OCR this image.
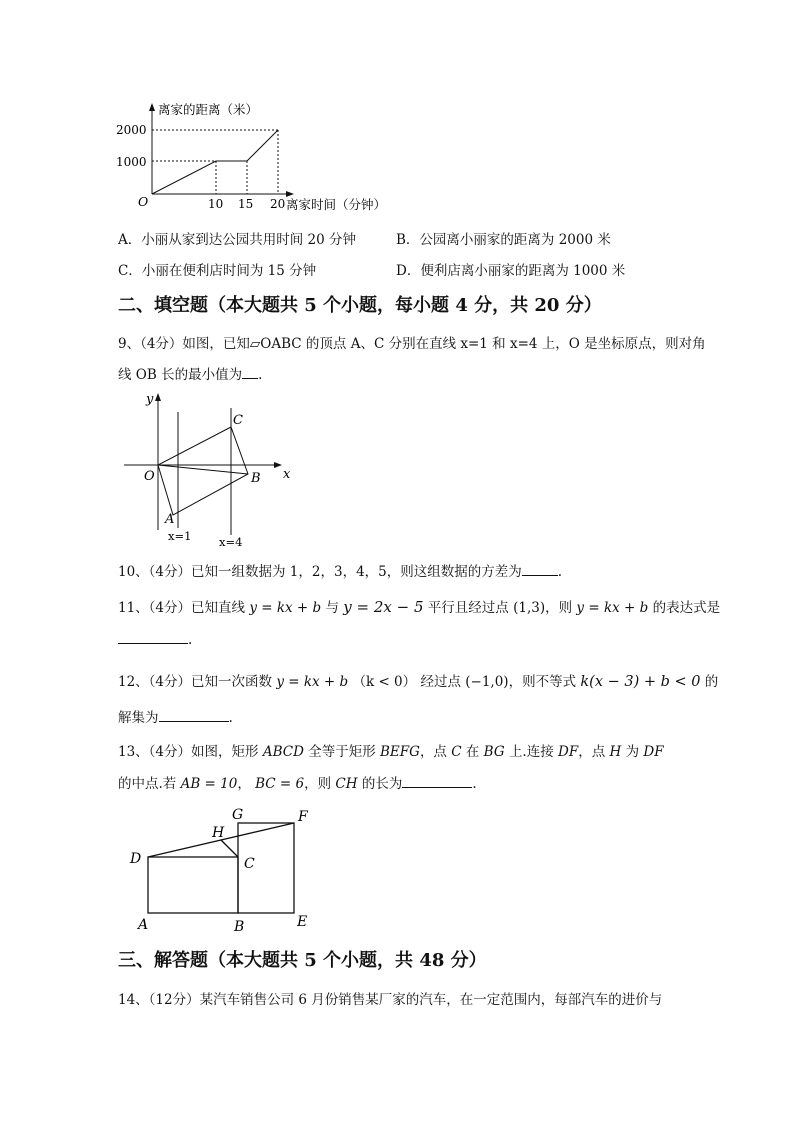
离家的距离（米）
离家时间（分钟）
O
2000
1000
10 15 20
A．小丽从家到达公园共用时间 20 分钟	B．公园离小丽家的距离为 2000 米
C．小丽在便利店时间为 15 分钟	D．便利店离小丽家的距离为 1000 米
二、填空题（本大题共 5 个小题，每小题 4 分，共 20 分）
9、（4分）如图，已知▱OABC 的顶点 A、C 分别在直线 x=1 和 x=4 上，O 是坐标原点，则对角
线 OB 长的最小值为 .
y
x
O
A
B
C
x=1 x=4
10、（4分）已知一组数据为 1，2，3，4，5，则这组数据的方差为	.
11、（4分）已知直线 y = kx + b 与 y = 2x − 5 平行且经过点 (1,3)，则 y = kx + b 的表达式是
.
12、（4分）已知一次函数 y = kx + b （k < 0） 经过点 (−1,0)，则不等式 k(x − 3) + b < 0 的
解集为	.
13、（4分）如图，矩形 ABCD 全等于矩形 BEFG，点 C 在 BG 上.连接 DF，点 H 为 DF
的中点.若 AB = 10， BC = 6，则 CH 的长为	.
A	B
C
D
E
F
G
H
三、解答题（本大题共 5 个小题，共 48 分）
14、（12分）某汽车销售公司 6 月份销售某厂家的汽车，在一定范围内，每部汽车的进价与
